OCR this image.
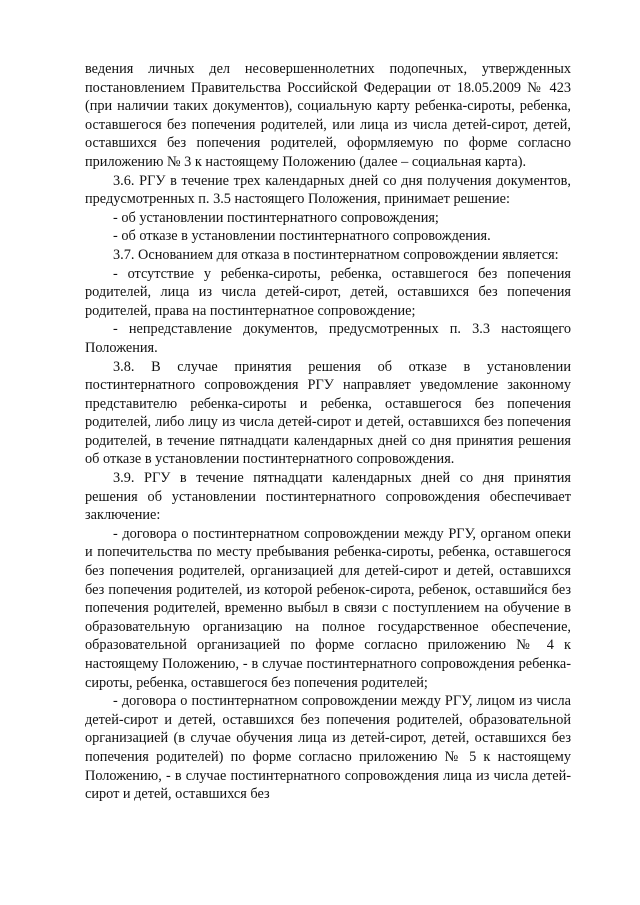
ведения личных дел несовершеннолетних подопечных, утвержденных постановлением Правительства Российской Федерации от 18.05.2009 № 423 (при наличии таких документов), социальную карту ребенка-сироты, ребенка, оставшегося без попечения родителей, или лица из числа детей-сирот, детей, оставшихся без попечения родителей, оформляемую по форме согласно приложению № 3 к настоящему Положению (далее – социальная карта).

3.6. РГУ в течение трех календарных дней со дня получения документов, предусмотренных п. 3.5 настоящего Положения, принимает решение:

- об установлении постинтернатного сопровождения;

- об отказе в установлении постинтернатного сопровождения.

3.7. Основанием для отказа в постинтернатном сопровождении является:

- отсутствие у ребенка-сироты, ребенка, оставшегося без попечения родителей, лица из числа детей-сирот, детей, оставшихся без попечения родителей, права на постинтернатное сопровождение;

- непредставление документов, предусмотренных п. 3.3 настоящего Положения.

3.8. В случае принятия решения об отказе в установлении постинтернатного сопровождения РГУ направляет уведомление законному представителю ребенка-сироты и ребенка, оставшегося без попечения родителей, либо лицу из числа детей-сирот и детей, оставшихся без попечения родителей, в течение пятнадцати календарных дней со дня принятия решения об отказе в установлении постинтернатного сопровождения.

3.9. РГУ в течение пятнадцати календарных дней со дня принятия решения об установлении постинтернатного сопровождения обеспечивает заключение:

- договора о постинтернатном сопровождении между РГУ, органом опеки и попечительства по месту пребывания ребенка-сироты, ребенка, оставшегося без попечения родителей, организацией для детей-сирот и детей, оставшихся без попечения родителей, из которой ребенок-сирота, ребенок, оставшийся без попечения родителей, временно выбыл в связи с поступлением на обучение в образовательную организацию на полное государственное обеспечение, образовательной организацией по форме согласно приложению № 4 к настоящему Положению, - в случае постинтернатного сопровождения ребенка-сироты, ребенка, оставшегося без попечения родителей;

- договора о постинтернатном сопровождении между РГУ, лицом из числа детей-сирот и детей, оставшихся без попечения родителей, образовательной организацией (в случае обучения лица из детей-сирот, детей, оставшихся без попечения родителей) по форме согласно приложению № 5 к настоящему Положению, - в случае постинтернатного сопровождения лица из числа детей-сирот и детей, оставшихся без
